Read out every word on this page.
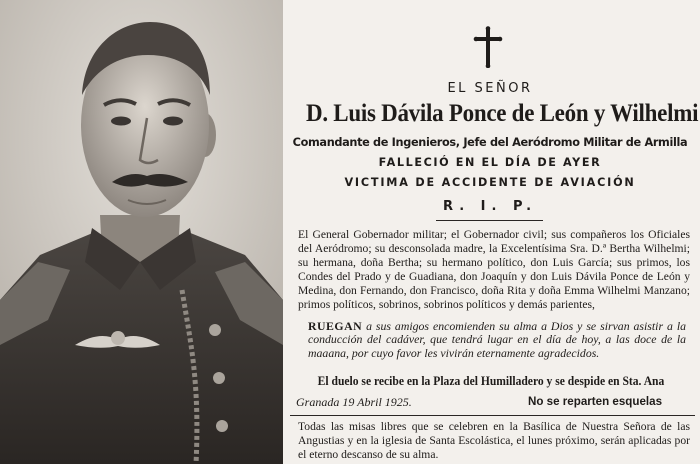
EL SEÑOR
D. Luis Dávila Ponce de León y Wilhelmi
Comandante de Ingenieros, Jefe del Aeródromo Militar de Armilla
FALLECIÓ EN EL DÍA DE AYER
VICTIMA DE ACCIDENTE DE AVIACIÓN
R. I. P.

El General Gobernador militar; el Gobernador civil; sus compañeros los Oficiales del Aeródromo; su desconsolada madre, la Excelentísima Sra. D.ª Bertha Wilhelmi; su hermana, doña Bertha; su hermano político, don Luis García; sus primos, los Condes del Prado y de Guadiana, don Joaquín y don Luis Dávila Ponce de León y Medina, don Fernando, don Francisco, doña Rita y doña Emma Wilhelmi Manzano; primos políticos, sobrinos, sobrinos políticos y demás parientes,

RUEGAN a sus amigos encomienden su alma a Dios y se sirvan asistir a la conducción del cadáver, que tendrá lugar en el día de hoy, a las doce de la maaana, por cuyo favor les vivirán eternamente agradecidos.

El duelo se recibe en la Plaza del Humilladero y se despide en Sta. Ana
Granada 19 Abril 1925.	No se reparten esquelas

Todas las misas libres que se celebren en la Basílica de Nuestra Señora de las Angustias y en la iglesia de Santa Escolástica, el lunes próximo, serán aplicadas por el eterno descanso de su alma.
